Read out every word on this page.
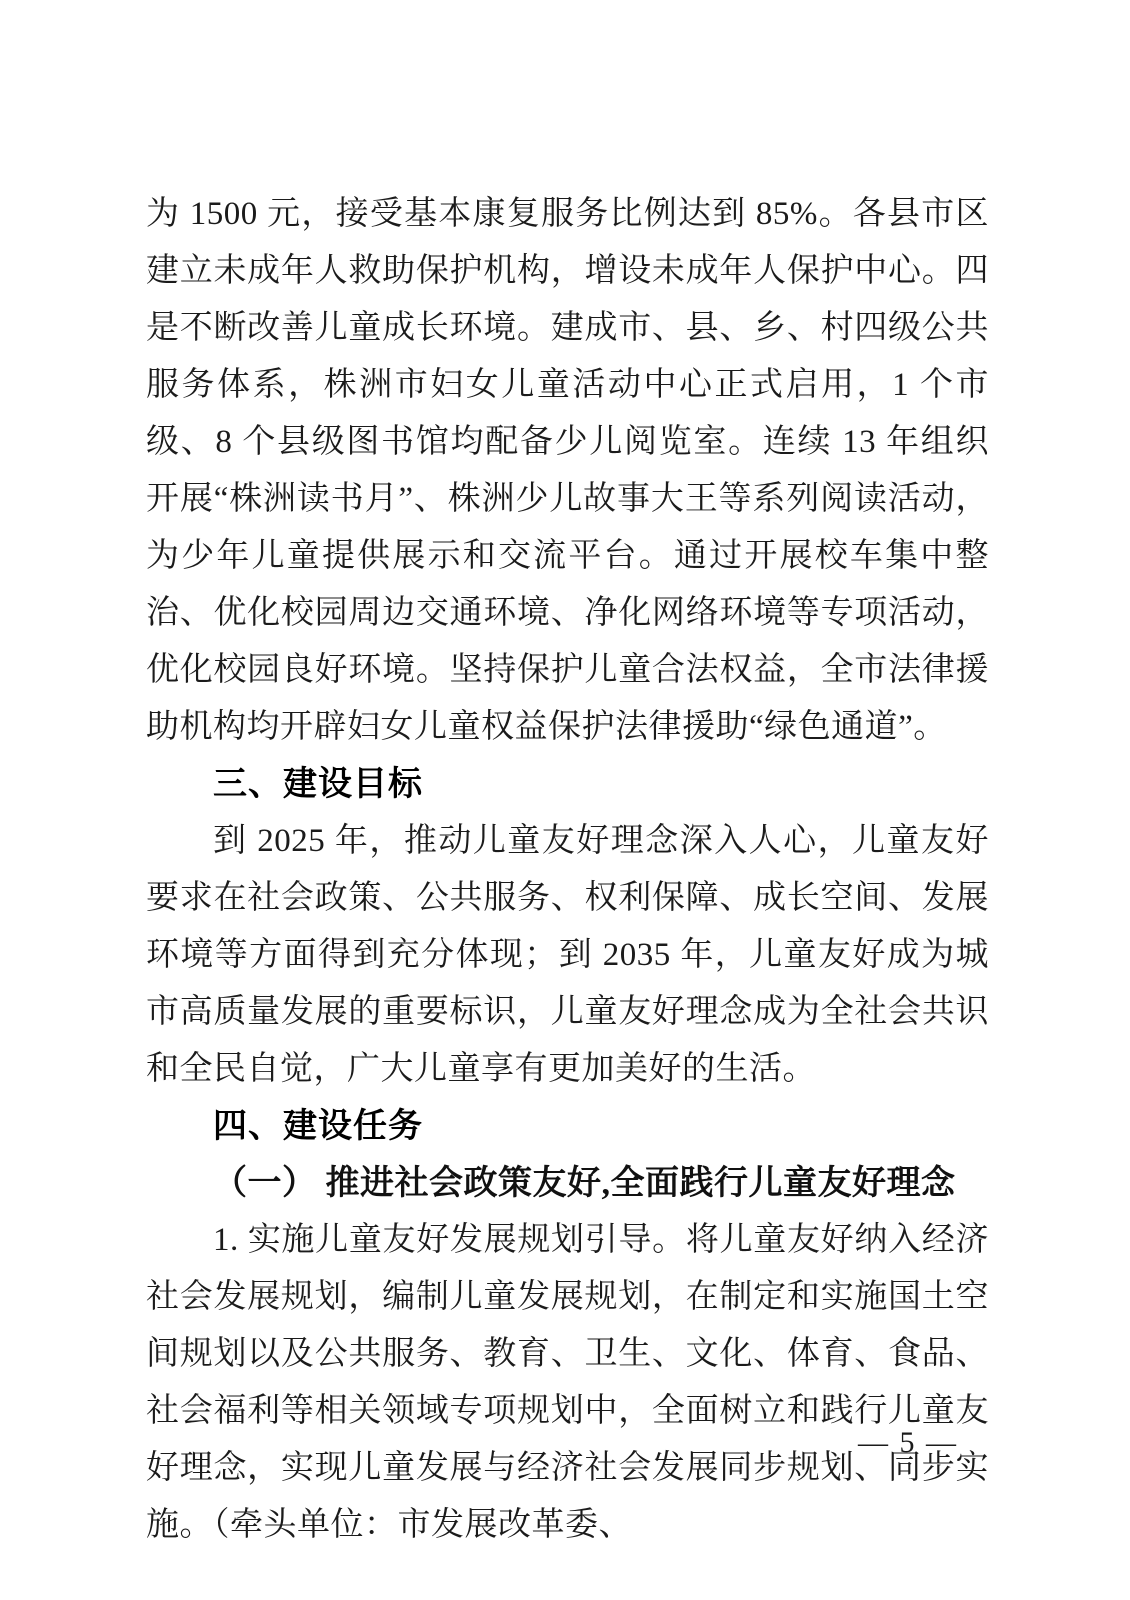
为 1500 元，接受基本康复服务比例达到 85%。各县市区建立未成年人救助保护机构，增设未成年人保护中心。四是不断改善儿童成长环境。建成市、县、乡、村四级公共服务体系，株洲市妇女儿童活动中心正式启用，1 个市级、8 个县级图书馆均配备少儿阅览室。连续 13 年组织开展“株洲读书月”、株洲少儿故事大王等系列阅读活动，为少年儿童提供展示和交流平台。通过开展校车集中整治、优化校园周边交通环境、净化网络环境等专项活动，优化校园良好环境。坚持保护儿童合法权益，全市法律援助机构均开辟妇女儿童权益保护法律援助“绿色通道”。

三、建设目标

到 2025 年，推动儿童友好理念深入人心，儿童友好要求在社会政策、公共服务、权利保障、成长空间、发展环境等方面得到充分体现；到 2035 年，儿童友好成为城市高质量发展的重要标识，儿童友好理念成为全社会共识和全民自觉，广大儿童享有更加美好的生活。

四、建设任务

（一） 推进社会政策友好,全面践行儿童友好理念

1. 实施儿童友好发展规划引导。将儿童友好纳入经济社会发展规划，编制儿童发展规划，在制定和实施国土空间规划以及公共服务、教育、卫生、文化、体育、食品、社会福利等相关领域专项规划中，全面树立和践行儿童友好理念，实现儿童发展与经济社会发展同步规划、同步实施。（牵头单位：市发展改革委、

— 5 —
